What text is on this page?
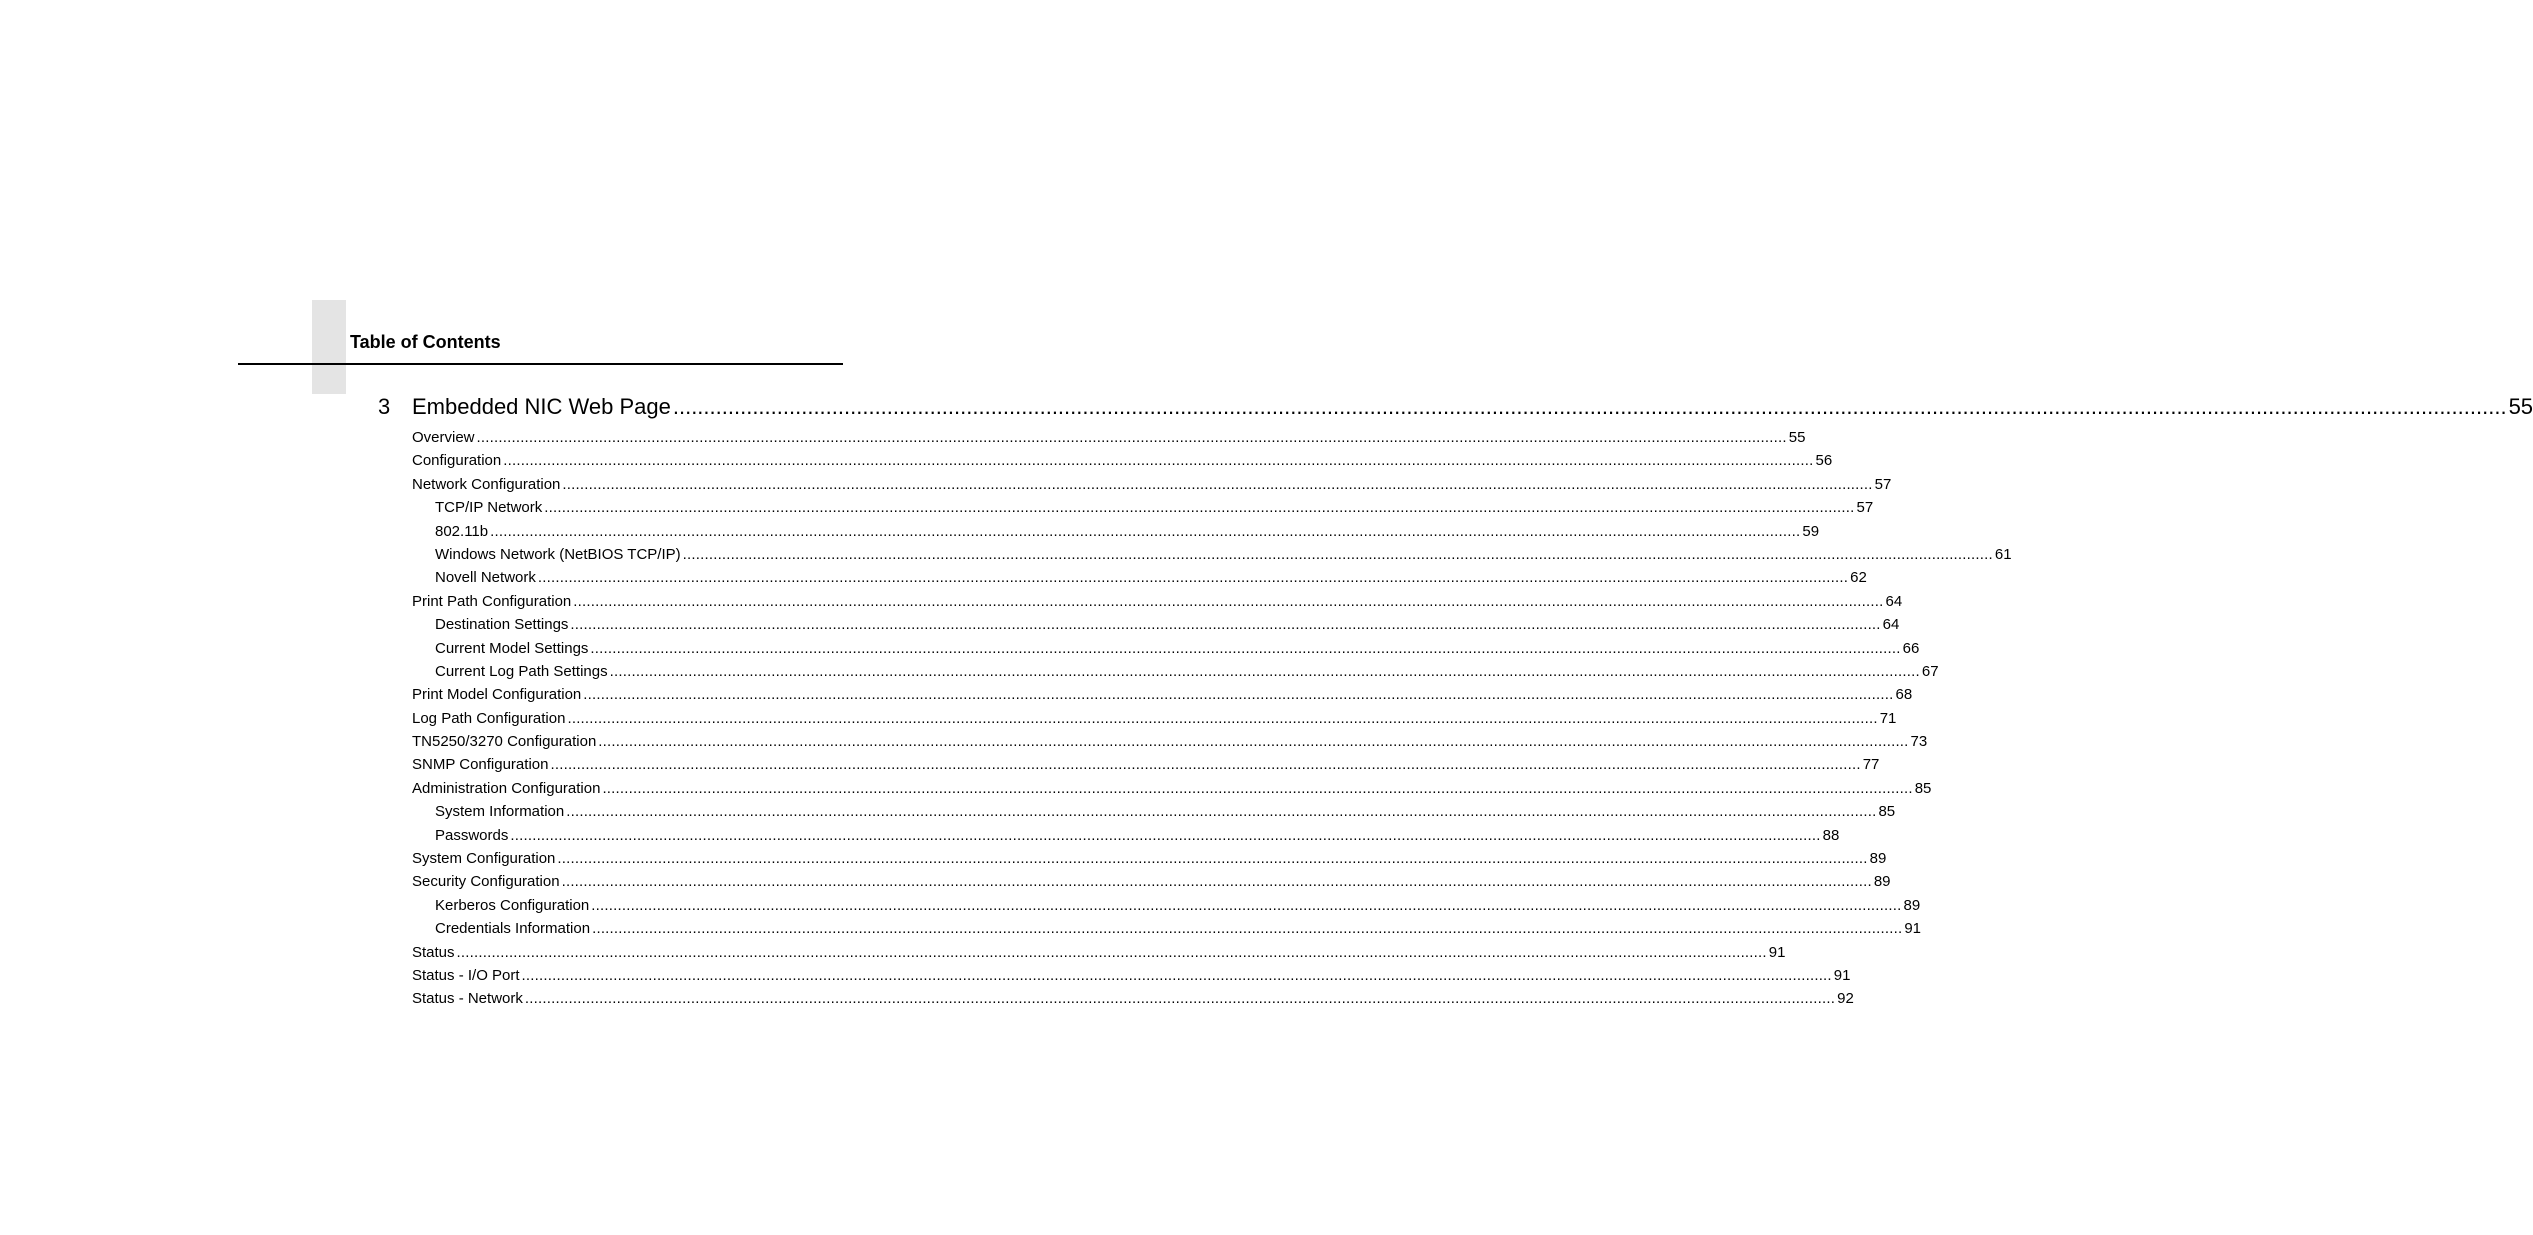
Table of Contents
3 Embedded NIC Web Page ............................................................................................................................................................................................................................................................................................................ 55
Overview ............................................................................................................................................................................................................................................................................................................ 55
Configuration ............................................................................................................................................................................................................................................................................................................ 56
Network Configuration ............................................................................................................................................................................................................................................................................................................ 57
TCP/IP Network ............................................................................................................................................................................................................................................................................................................ 57
802.11b ............................................................................................................................................................................................................................................................................................................ 59
Windows Network (NetBIOS TCP/IP) ............................................................................................................................................................................................................................................................................................................ 61
Novell Network ............................................................................................................................................................................................................................................................................................................ 62
Print Path Configuration ............................................................................................................................................................................................................................................................................................................ 64
Destination Settings ............................................................................................................................................................................................................................................................................................................ 64
Current Model Settings ............................................................................................................................................................................................................................................................................................................ 66
Current Log Path Settings ............................................................................................................................................................................................................................................................................................................ 67
Print Model Configuration ............................................................................................................................................................................................................................................................................................................ 68
Log Path Configuration ............................................................................................................................................................................................................................................................................................................ 71
TN5250/3270 Configuration ............................................................................................................................................................................................................................................................................................................ 73
SNMP Configuration ............................................................................................................................................................................................................................................................................................................ 77
Administration Configuration ............................................................................................................................................................................................................................................................................................................ 85
System Information ............................................................................................................................................................................................................................................................................................................ 85
Passwords ............................................................................................................................................................................................................................................................................................................ 88
System Configuration ............................................................................................................................................................................................................................................................................................................ 89
Security Configuration ............................................................................................................................................................................................................................................................................................................ 89
Kerberos Configuration ............................................................................................................................................................................................................................................................................................................ 89
Credentials Information ............................................................................................................................................................................................................................................................................................................ 91
Status ............................................................................................................................................................................................................................................................................................................ 91
Status - I/O Port ............................................................................................................................................................................................................................................................................................................ 91
Status - Network ............................................................................................................................................................................................................................................................................................................ 92
